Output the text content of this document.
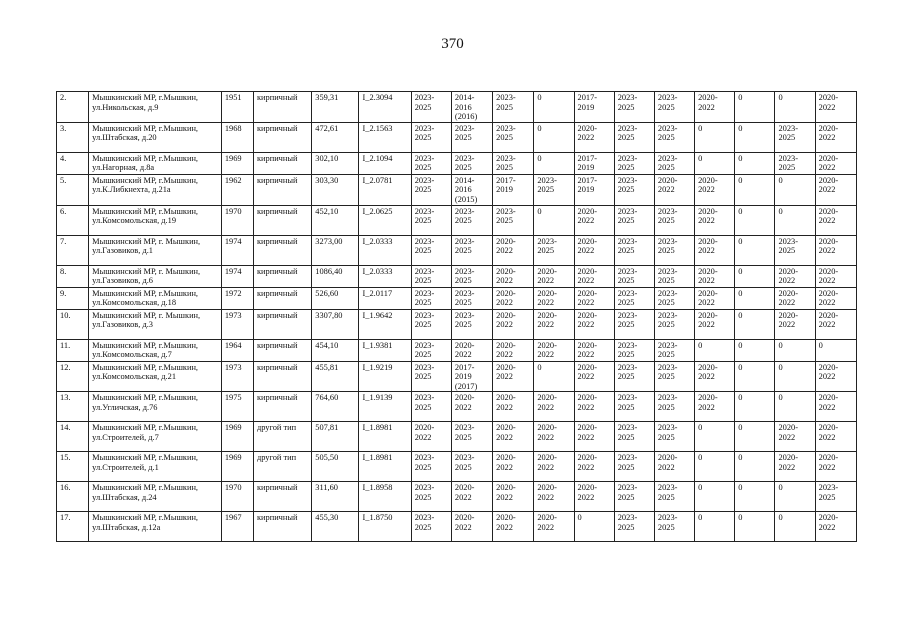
370
2.	Мышкинский МР, г.Мышкин, ул.Никольская, д.9	1951	кирпичный	359,31	I_2.3094	2023-2025	2014-2016 (2016)	2023-2025	0	2017-2019	2023-2025	2023-2025	2020-2022	0	0	2020-2022
3.	Мышкинский МР, г.Мышкин, ул.Штабская, д.20	1968	кирпичный	472,61	I_2.1563	2023-2025	2023-2025	2023-2025	0	2020-2022	2023-2025	2023-2025	0	0	2023-2025	2020-2022
4.	Мышкинский МР, г.Мышкин, ул.Нагорная, д.8а	1969	кирпичный	302,10	I_2.1094	2023-2025	2023-2025	2023-2025	0	2017-2019	2023-2025	2023-2025	0	0	2023-2025	2020-2022
5.	Мышкинский МР, г.Мышкин, ул.К.Либкнехта, д.21а	1962	кирпичный	303,30	I_2.0781	2023-2025	2014-2016 (2015)	2017-2019	2023-2025	2017-2019	2023-2025	2020-2022	2020-2022	0	0	2020-2022
6.	Мышкинский МР, г.Мышкин, ул.Комсомольская, д.19	1970	кирпичный	452,10	I_2.0625	2023-2025	2023-2025	2023-2025	0	2020-2022	2023-2025	2023-2025	2020-2022	0	0	2020-2022
7.	Мышкинский МР, г. Мышкин, ул.Газовиков, д.1	1974	кирпичный	3273,00	I_2.0333	2023-2025	2023-2025	2020-2022	2023-2025	2020-2022	2023-2025	2023-2025	2020-2022	0	2023-2025	2020-2022
8.	Мышкинский МР, г. Мышкин, ул.Газовиков, д.6	1974	кирпичный	1086,40	I_2.0333	2023-2025	2023-2025	2020-2022	2020-2022	2020-2022	2023-2025	2023-2025	2020-2022	0	2020-2022	2020-2022
9.	Мышкинский МР, г.Мышкин, ул.Комсомольская, д.18	1972	кирпичный	526,60	I_2.0117	2023-2025	2023-2025	2020-2022	2020-2022	2020-2022	2023-2025	2023-2025	2020-2022	0	2020-2022	2020-2022
10.	Мышкинский МР, г. Мышкин, ул.Газовиков, д.3	1973	кирпичный	3307,80	I_1.9642	2023-2025	2023-2025	2020-2022	2020-2022	2020-2022	2023-2025	2023-2025	2020-2022	0	2020-2022	2020-2022
11.	Мышкинский МР, г.Мышкин, ул.Комсомольская, д.7	1964	кирпичный	454,10	I_1.9381	2023-2025	2020-2022	2020-2022	2020-2022	2020-2022	2023-2025	2023-2025	0	0	0	0
12.	Мышкинский МР, г.Мышкин, ул.Комсомольская, д.21	1973	кирпичный	455,81	I_1.9219	2023-2025	2017-2019 (2017)	2020-2022	0	2020-2022	2023-2025	2023-2025	2020-2022	0	0	2020-2022
13.	Мышкинский МР, г.Мышкин, ул.Угличская, д.76	1975	кирпичный	764,60	I_1.9139	2023-2025	2020-2022	2020-2022	2020-2022	2020-2022	2023-2025	2023-2025	2020-2022	0	0	2020-2022
14.	Мышкинский МР, г.Мышкин, ул.Строителей, д.7	1969	другой тип	507,81	I_1.8981	2020-2022	2023-2025	2020-2022	2020-2022	2020-2022	2023-2025	2023-2025	0	0	2020-2022	2020-2022
15.	Мышкинский МР, г.Мышкин, ул.Строителей, д.1	1969	другой тип	505,50	I_1.8981	2023-2025	2023-2025	2020-2022	2020-2022	2020-2022	2023-2025	2020-2022	0	0	2020-2022	2020-2022
16.	Мышкинский МР, г.Мышкин, ул.Штабская, д.24	1970	кирпичный	311,60	I_1.8958	2023-2025	2020-2022	2020-2022	2020-2022	2020-2022	2023-2025	2023-2025	0	0	0	2023-2025
17.	Мышкинский МР, г.Мышкин, ул.Штабская, д.12а	1967	кирпичный	455,30	I_1.8750	2023-2025	2020-2022	2020-2022	2020-2022	0	2023-2025	2023-2025	0	0	0	2020-2022
